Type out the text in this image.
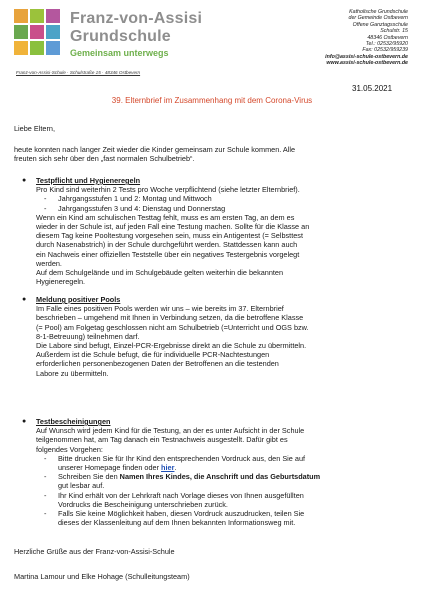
Franz-von-Assisi
Grundschule
Gemeinsam unterwegs
Katholische Grundschule
der Gemeinde Ostbevern
Offene Ganztagsschule
Schulstr. 15
48346 Ostbevern
Tel.: 02532/95920
Fax: 02532/959239
info@assisi-schule-ostbevern.de
www.assisi-schule-ostbevern.de
Franz-von-Assisi-Schule · Schulstraße 15 · 48346 Ostbevern
31.05.2021
39. Elternbrief im Zusammenhang mit dem Corona-Virus
Liebe Eltern,
heute konnten nach langer Zeit wieder die Kinder gemeinsam zur Schule kommen. Alle
freuten sich sehr über den „fast normalen Schulbetrieb“.
● Testpflicht und Hygieneregeln
Pro Kind sind weiterhin 2 Tests pro Woche verpflichtend (siehe letzter Elternbrief).
- Jahrgangsstufen 1 und 2: Montag und Mittwoch
- Jahrgangsstufen 3 und 4: Dienstag und Donnerstag
Wenn ein Kind am schulischen Testtag fehlt, muss es am ersten Tag, an dem es
wieder in der Schule ist, auf jeden Fall eine Testung machen. Sollte für die Klasse an
diesem Tag keine Pooltestung vorgesehen sein, muss ein Antigentest (= Selbsttest
durch Nasenabstrich) in der Schule durchgeführt werden. Stattdessen kann auch
ein Nachweis einer offiziellen Teststelle über ein negatives Testergebnis vorgelegt
werden.
Auf dem Schulgelände und im Schulgebäude gelten weiterhin die bekannten
Hygieneregeln.
● Meldung positiver Pools
Im Falle eines positiven Pools werden wir uns – wie bereits im 37. Elternbrief
beschrieben – umgehend mit Ihnen in Verbindung setzen, da die betroffene Klasse
(= Pool) am Folgetag geschlossen nicht am Schulbetrieb (=Unterricht und OGS bzw.
8-1-Betreuung) teilnehmen darf.
Die Labore sind befugt, Einzel-PCR-Ergebnisse direkt an die Schule zu übermitteln.
Außerdem ist die Schule befugt, die für individuelle PCR-Nachtestungen
erforderlichen personenbezogenen Daten der Betroffenen an die testenden
Labore zu übermitteln.
● Testbescheinigungen
Auf Wunsch wird jedem Kind für die Testung, an der es unter Aufsicht in der Schule
teilgenommen hat, am Tag danach ein Testnachweis ausgestellt. Dafür gibt es
folgendes Vorgehen:
- Bitte drucken Sie für Ihr Kind den entsprechenden Vordruck aus, den Sie auf
unserer Homepage finden oder hier.
- Schreiben Sie den Namen Ihres Kindes, die Anschrift und das Geburtsdatum
gut lesbar auf.
- Ihr Kind erhält von der Lehrkraft nach Vorlage dieses von Ihnen ausgefüllten
Vordrucks die Bescheinigung unterschrieben zurück.
- Falls Sie keine Möglichkeit haben, diesen Vordruck auszudrucken, teilen Sie
dieses der Klassenleitung auf dem Ihnen bekannten Informationsweg mit.
Herzliche Grüße aus der Franz-von-Assisi-Schule
Martina Lamour und Elke Hohage (Schulleitungsteam)
